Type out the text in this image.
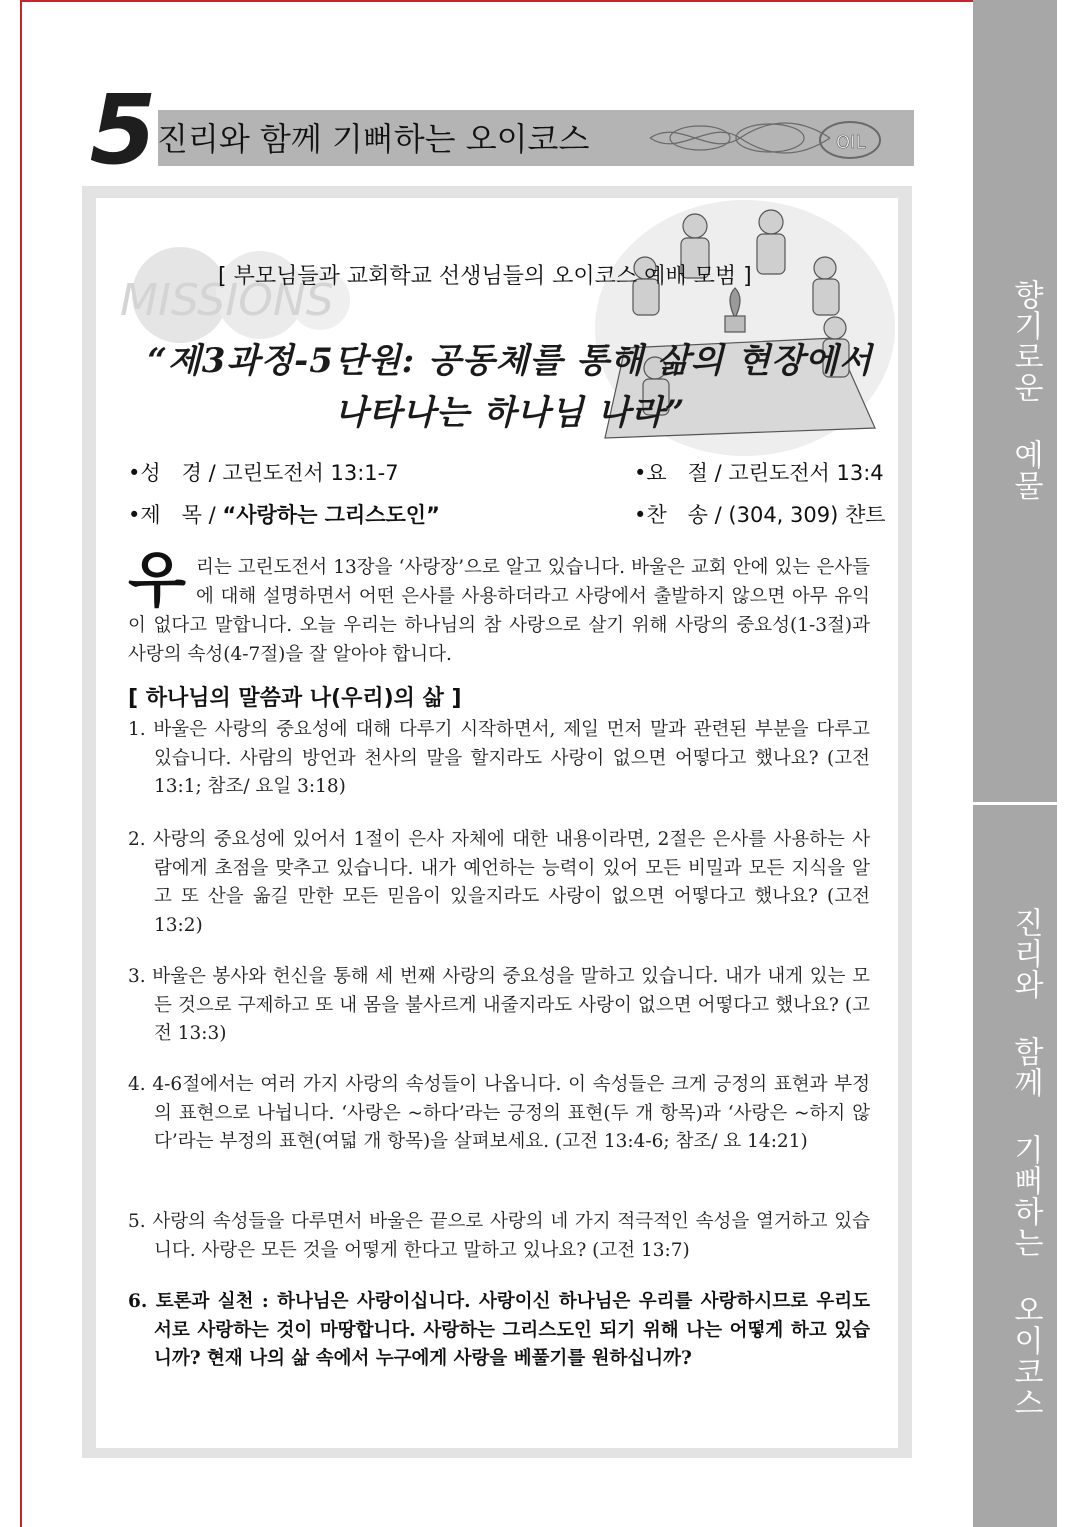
향기로운 예물
진리와 함께 기뻐하는 오이코스
5 진리와 함께 기뻐하는 오이코스	OIL
MISSIONS
[ 부모님들과 교회학교 선생님들의 오이코스 예배 모범 ]
“제3과정-5단원: 공동체를 통해 삶의 현장에서
나타나는 하나님 나라”
•성　경 / 고린도전서 13:1-7
•제　목 / “사랑하는 그리스도인”
•요　절 / 고린도전서 13:4
•찬　송 / (304, 309) 챤트
우리는 고린도전서 13장을 ‘사랑장’으로 알고 있습니다. 바울은 교회 안에 있는 은사들에 대해 설명하면서 어떤 은사를 사용하더라고 사랑에서 출발하지 않으면 아무 유익이 없다고 말합니다. 오늘 우리는 하나님의 참 사랑으로 살기 위해 사랑의 중요성(1-3절)과 사랑의 속성(4-7절)을 잘 알아야 합니다.
[ 하나님의 말씀과 나(우리)의 삶 ]
1. 바울은 사랑의 중요성에 대해 다루기 시작하면서, 제일 먼저 말과 관련된 부분을 다루고 있습니다. 사람의 방언과 천사의 말을 할지라도 사랑이 없으면 어떻다고 했나요? (고전 13:1; 참조/ 요일 3:18)
2. 사랑의 중요성에 있어서 1절이 은사 자체에 대한 내용이라면, 2절은 은사를 사용하는 사람에게 초점을 맞추고 있습니다. 내가 예언하는 능력이 있어 모든 비밀과 모든 지식을 알고 또 산을 옮길 만한 모든 믿음이 있을지라도 사랑이 없으면 어떻다고 했나요? (고전 13:2)
3. 바울은 봉사와 헌신을 통해 세 번째 사랑의 중요성을 말하고 있습니다. 내가 내게 있는 모든 것으로 구제하고 또 내 몸을 불사르게 내줄지라도 사랑이 없으면 어떻다고 했나요? (고전 13:3)
4. 4-6절에서는 여러 가지 사랑의 속성들이 나옵니다. 이 속성들은 크게 긍정의 표현과 부정의 표현으로 나뉩니다. ‘사랑은 ~하다’라는 긍정의 표현(두 개 항목)과 ‘사랑은 ~하지 않다’라는 부정의 표현(여덟 개 항목)을 살펴보세요. (고전 13:4-6; 참조/ 요 14:21)
5. 사랑의 속성들을 다루면서 바울은 끝으로 사랑의 네 가지 적극적인 속성을 열거하고 있습니다. 사랑은 모든 것을 어떻게 한다고 말하고 있나요? (고전 13:7)
6. 토론과 실천 : 하나님은 사랑이십니다. 사랑이신 하나님은 우리를 사랑하시므로 우리도 서로 사랑하는 것이 마땅합니다. 사랑하는 그리스도인 되기 위해 나는 어떻게 하고 있습니까? 현재 나의 삶 속에서 누구에게 사랑을 베풀기를 원하십니까?
